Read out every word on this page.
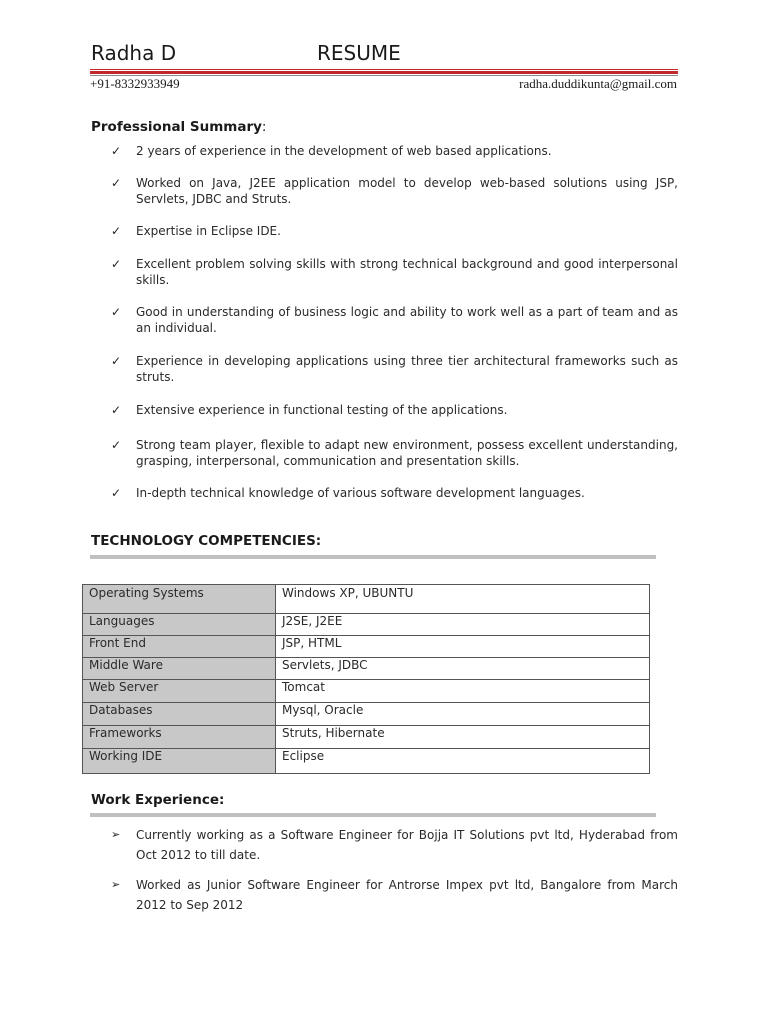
Radha D	RESUME
+91-8332933949	radha.duddikunta@gmail.com
Professional Summary:
✓ 2 years of experience in the development of web based applications.
✓ Worked on Java, J2EE application model to develop web-based solutions using JSP, Servlets, JDBC and Struts.
✓ Expertise in Eclipse IDE.
✓ Excellent problem solving skills with strong technical background and good interpersonal skills.
✓ Good in understanding of business logic and ability to work well as a part of team and as an individual.
✓ Experience in developing applications using three tier architectural frameworks such as struts.
✓ Extensive experience in functional testing of the applications.
✓ Strong team player, flexible to adapt new environment, possess excellent understanding, grasping, interpersonal, communication and presentation skills.
✓ In-depth technical knowledge of various software development languages.
TECHNOLOGY COMPETENCIES:
Operating Systems	Windows XP, UBUNTU
Languages	J2SE, J2EE
Front End	JSP, HTML
Middle Ware	Servlets, JDBC
Web Server	Tomcat
Databases	Mysql, Oracle
Frameworks	Struts, Hibernate
Working IDE	Eclipse
Work Experience:
➢ Currently working as a Software Engineer for Bojja IT Solutions pvt ltd, Hyderabad from Oct 2012 to till date.
➢ Worked as Junior Software Engineer for Antrorse Impex pvt ltd, Bangalore from March 2012 to Sep 2012
